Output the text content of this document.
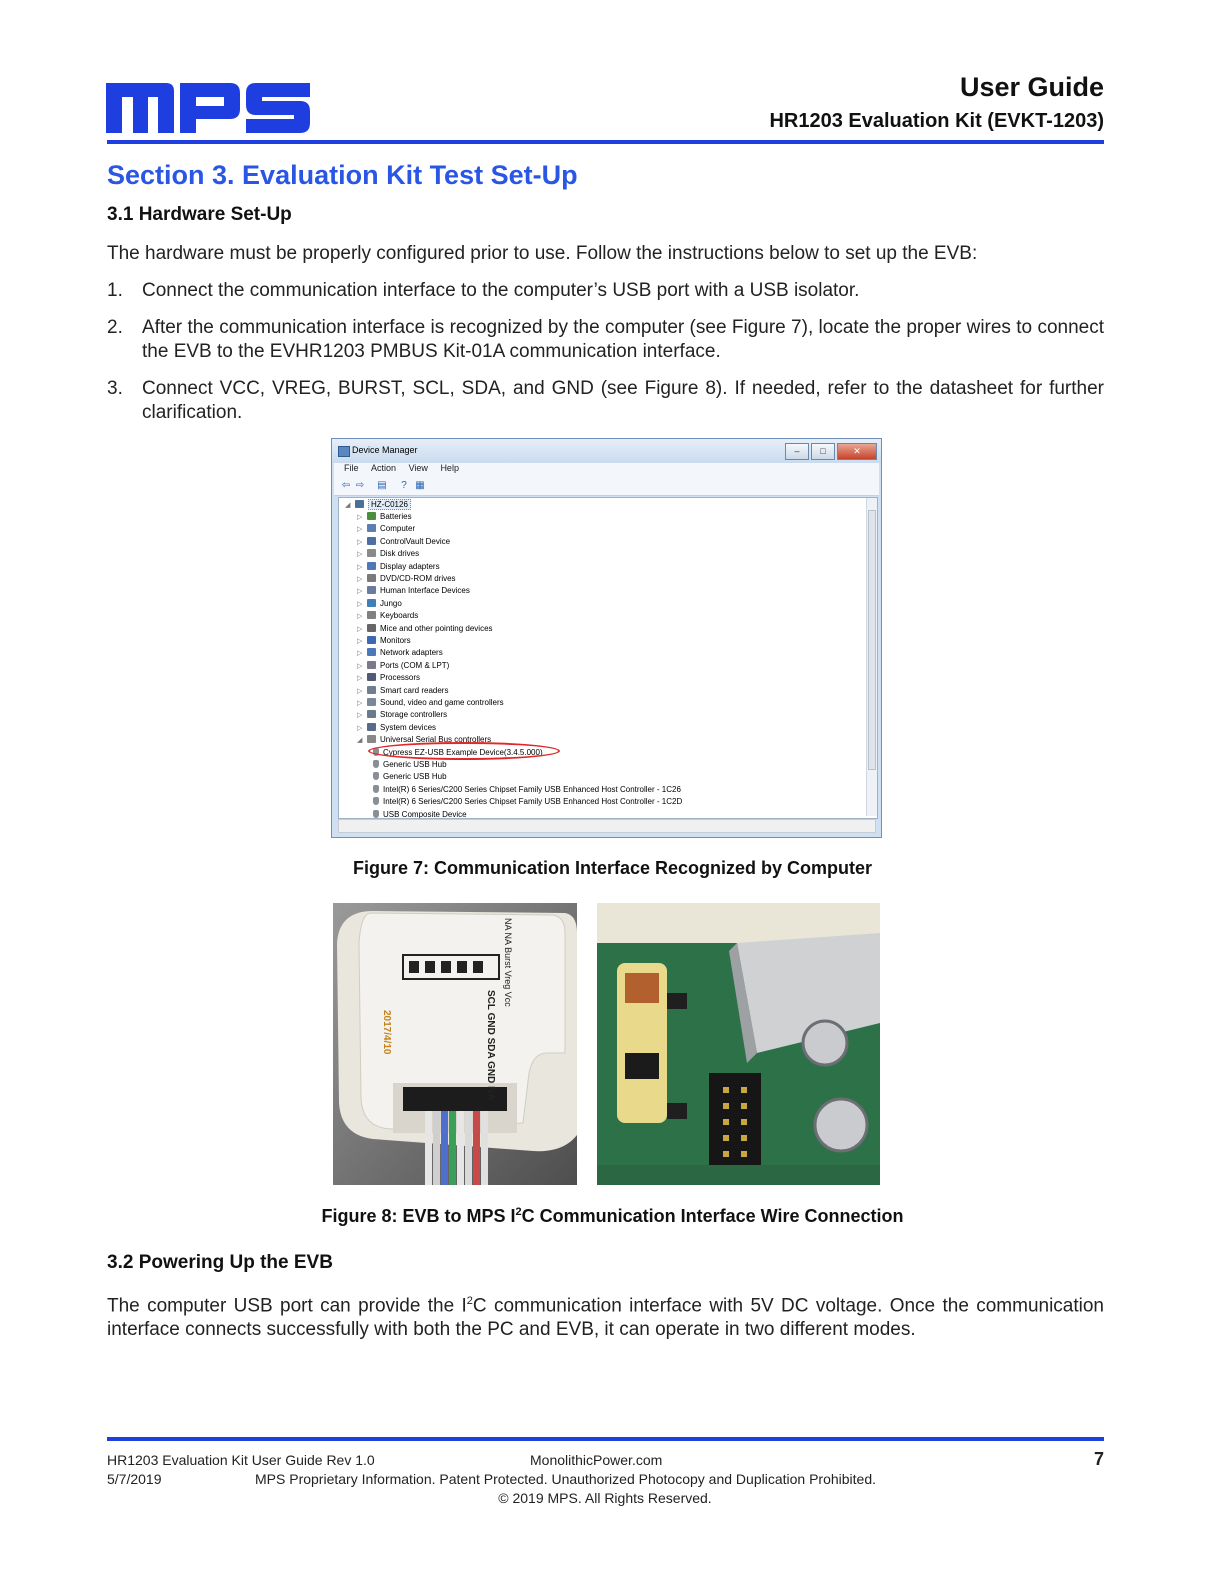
User Guide
HR1203 Evaluation Kit (EVKT-1203)
Section 3. Evaluation Kit Test Set-Up
3.1 Hardware Set-Up
The hardware must be properly configured prior to use. Follow the instructions below to set up the EVB:
1.	Connect the communication interface to the computer’s USB port with a USB isolator.
2.	After the communication interface is recognized by the computer (see Figure 7), locate the proper wires to connect the EVB to the EVHR1203 PMBUS Kit-01A communication interface.
3.	Connect VCC, VREG, BURST, SCL, SDA, and GND (see Figure 8). If needed, refer to the datasheet for further clarification.
Device Manager	–	□	✕
File Action View Help
⇦ ⇨ ▤	? ▦
◢	HZ-C0126
▷ Batteries
▷ Computer
▷ ControlVault Device
▷ Disk drives
▷ Display adapters
▷ DVD/CD-ROM drives
▷ Human Interface Devices
▷ Jungo
▷ Keyboards
▷ Mice and other pointing devices
▷ Monitors
▷ Network adapters
▷ Ports (COM & LPT)
▷ Processors
▷ Smart card readers
▷ Sound, video and game controllers
▷ Storage controllers
▷ System devices
◢ Universal Serial Bus controllers
Cypress EZ-USB Example Device(3.4.5.000)
Generic USB Hub
Generic USB Hub
Intel(R) 6 Series/C200 Series Chipset Family USB Enhanced Host Controller - 1C26
Intel(R) 6 Series/C200 Series Chipset Family USB Enhanced Host Controller - 1C2D
USB Composite Device
Figure 7: Communication Interface Recognized by Computer
NA NA Burst Vreg Vcc
SCL GND SDA GND NA
2017/4/10
Figure 8: EVB to MPS $I^2C$ Communication Interface Wire Connection
3.2 Powering Up the EVB
The computer USB port can provide the $I^2C$ communication interface with 5V DC voltage. Once the communication interface connects successfully with both the PC and EVB, it can operate in two different modes.
HR1203 Evaluation Kit User Guide Rev 1.0	MonolithicPower.com	7
5/7/2019	MPS Proprietary Information. Patent Protected. Unauthorized Photocopy and Duplication Prohibited.
© 2019 MPS. All Rights Reserved.
